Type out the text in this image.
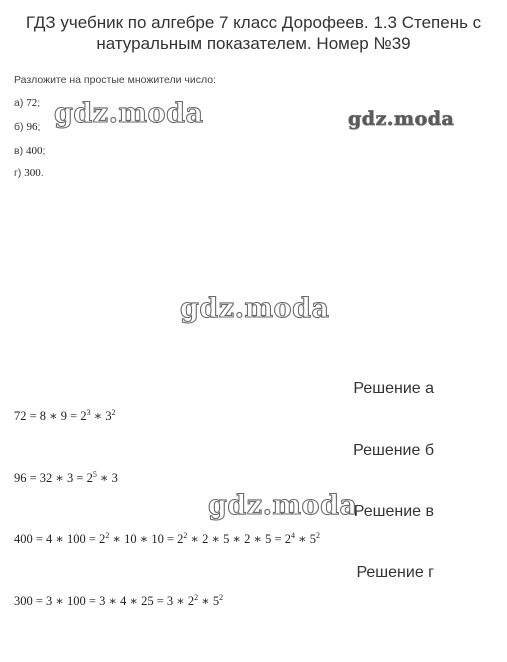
ГДЗ учебник по алгебре 7 класс Дорофеев. 1.3 Степень с натуральным показателем. Номер №39
Разложите на простые множители число:
а) 72;
б) 96;
в) 400;
г) 300.
gdz.moda	gdz.moda
gdz.moda
Решение а
72 = 8 ∗ $9 = 2^3$ ∗ $3^2$
Решение б
96 = 32 ∗ $3 = 2^5$ ∗ 3
gdz.moda
Решение в
400 = 4 ∗ $100 = 2^2$ ∗ 10 ∗ $10 = 2^2$ ∗ 2 ∗ 5 ∗ 2 ∗ $5 = 2^4$ ∗ $5^2$
Решение г
300 = 3 ∗ 100 = 3 ∗ 4 ∗ 25 = 3 ∗ $2^2$ ∗ $5^2$
